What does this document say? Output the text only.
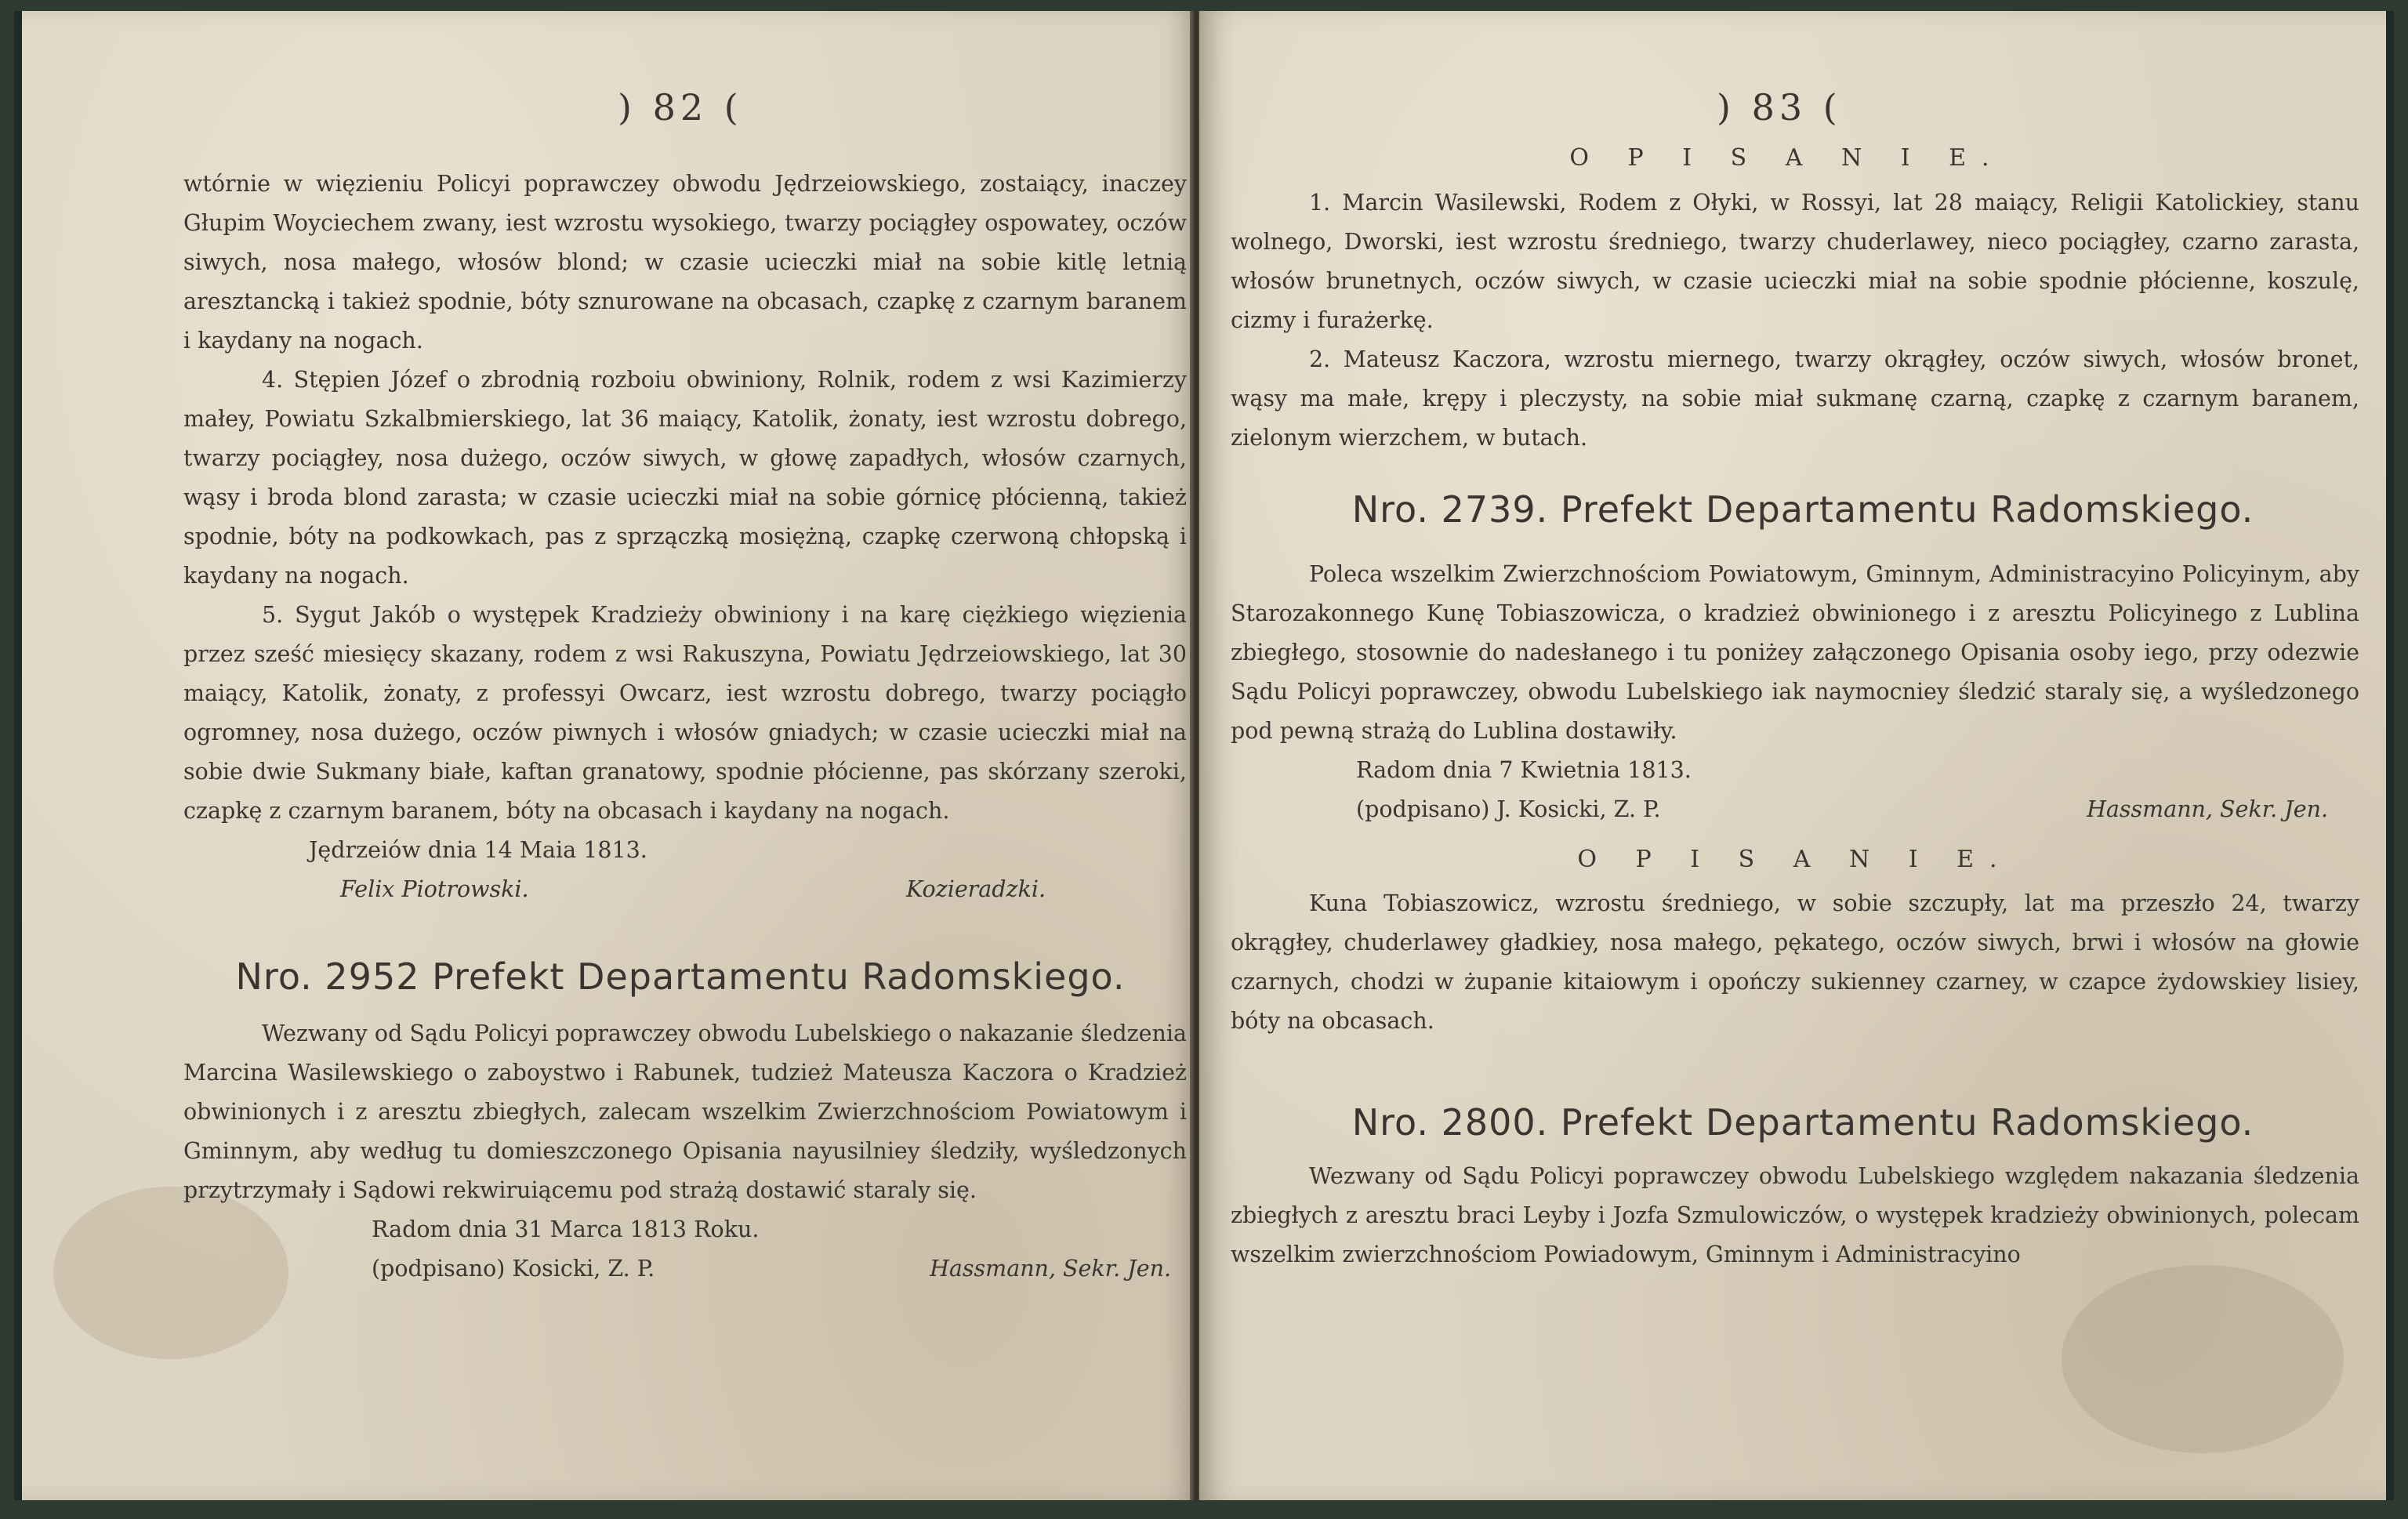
) 82 (

wtórnie w więzieniu Policyi poprawczey obwodu Jędrzeiowskiego, zostaiący, inaczey Głupim Woyciechem zwany, iest wzrostu wysokiego, twarzy pociągłey ospowatey, oczów siwych, nosa małego, włosów blond; w czasie ucieczki miał na sobie kitlę letnią aresztancką i takież spodnie, bóty sznurowane na obcasach, czapkę z czarnym baranem i kaydany na nogach.

4. Stępien Józef o zbrodnią rozboiu obwiniony, Rolnik, rodem z wsi Kazimierzy małey, Powiatu Szkalbmierskiego, lat 36 maiący, Katolik, żonaty, iest wzrostu dobrego, twarzy pociągłey, nosa dużego, oczów siwych, w głowę zapadłych, włosów czarnych, wąsy i broda blond zarasta; w czasie ucieczki miał na sobie górnicę płócienną, takież spodnie, bóty na podkowkach, pas z sprzączką mosiężną, czapkę czerwoną chłopską i kaydany na nogach.

5. Sygut Jakób o występek Kradzieży obwiniony i na karę ciężkiego więzienia przez sześć miesięcy skazany, rodem z wsi Rakuszyna, Powiatu Jędrzeiowskiego, lat 30 maiący, Katolik, żonaty, z professyi Owcarz, iest wzrostu dobrego, twarzy pociągło ogromney, nosa dużego, oczów piwnych i włosów gniadych; w czasie ucieczki miał na sobie dwie Sukmany białe, kaftan granatowy, spodnie płócienne, pas skórzany szeroki, czapkę z czarnym baranem, bóty na obcasach i kaydany na nogach.

Jędrzeiów dnia 14 Maia 1813.

Felix Piotrowski.	Kozieradzki.
Nro. 2952 Prefekt Departamentu Radomskiego.

Wezwany od Sądu Policyi poprawczey obwodu Lubelskiego o nakazanie śledzenia Marcina Wasilewskiego o zaboystwo i Rabunek, tudzież Mateusza Kaczora o Kradzież obwinionych i z aresztu zbiegłych, zalecam wszelkim Zwierzchnościom Powiatowym i Gminnym, aby według tu domieszczonego Opisania nayusilniey śledziły, wyśledzonych przytrzymały i Sądowi rekwiruiącemu pod strażą dostawić staraly się.

Radom dnia 31 Marca 1813 Roku.

(podpisano) Kosicki, Z. P.	Hassmann, Sekr. Jen.
) 83 (
O P I S A N I E.

1. Marcin Wasilewski, Rodem z Ołyki, w Rossyi, lat 28 maiący, Religii Katolickiey, stanu wolnego, Dworski, iest wzrostu średniego, twarzy chuderlawey, nieco pociągłey, czarno zarasta, włosów brunetnych, oczów siwych, w czasie ucieczki miał na sobie spodnie płócienne, koszulę, cizmy i furażerkę.

2. Mateusz Kaczora, wzrostu miernego, twarzy okrągłey, oczów siwych, włosów bronet, wąsy ma małe, krępy i pleczysty, na sobie miał sukmanę czarną, czapkę z czarnym baranem, zielonym wierzchem, w butach.

Nro. 2739. Prefekt Departamentu Radomskiego.

Poleca wszelkim Zwierzchnościom Powiatowym, Gminnym, Administracyino Policyinym, aby Starozakonnego Kunę Tobiaszowicza, o kradzież obwinionego i z aresztu Policyinego z Lublina zbiegłego, stosownie do nadesłanego i tu poniżey załączonego Opisania osoby iego, przy odezwie Sądu Policyi poprawczey, obwodu Lubelskiego iak naymocniey śledzić staraly się, a wyśledzonego pod pewną strażą do Lublina dostawiły.

Radom dnia 7 Kwietnia 1813.

(podpisano) J. Kosicki, Z. P.	Hassmann, Sekr. Jen.
O P I S A N I E.

Kuna Tobiaszowicz, wzrostu średniego, w sobie szczupły, lat ma przeszło 24, twarzy okrągłey, chuderlawey gładkiey, nosa małego, pękatego, oczów siwych, brwi i włosów na głowie czarnych, chodzi w żupanie kitaiowym i opończy sukienney czarney, w czapce żydowskiey lisiey, bóty na obcasach.

Nro. 2800. Prefekt Departamentu Radomskiego.

Wezwany od Sądu Policyi poprawczey obwodu Lubelskiego względem nakazania śledzenia zbiegłych z aresztu braci Leyby i Jozfa Szmulowiczów, o występek kradzieży obwinionych, polecam wszelkim zwierzchnościom Powiadowym, Gminnym i Administracyino
